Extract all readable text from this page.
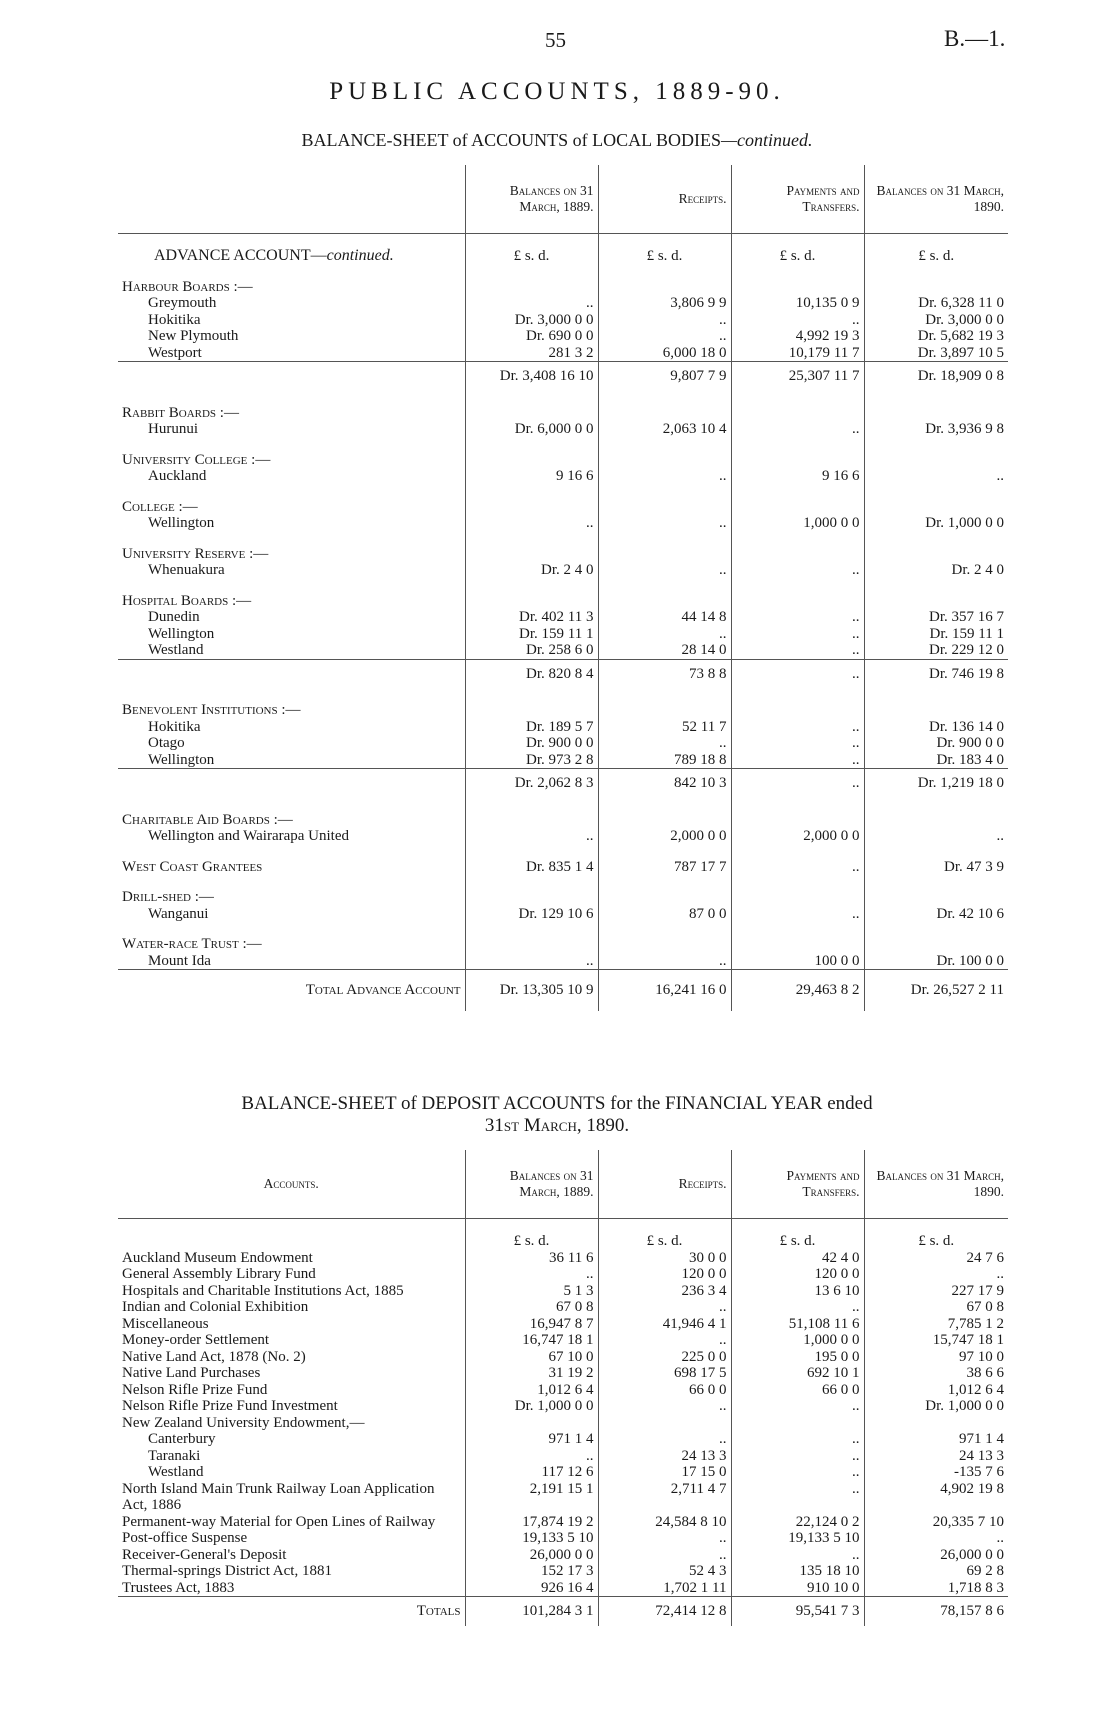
55	B.—1.
PUBLIC ACCOUNTS, 1889-90.
BALANCE-SHEET of ACCOUNTS of LOCAL BODIES—continued.
	Balances on 31 March, 1889.	Receipts.	Payments and Transfers.	Balances on 31 March, 1890.
ADVANCE ACCOUNT—continued.	£ s. d.	£ s. d.	£ s. d.	£ s. d.
Harbour Boards :—				
Greymouth	..	3,806 9 9	10,135 0 9	Dr. 6,328 11 0
Hokitika	Dr. 3,000 0 0	..	..	Dr. 3,000 0 0
New Plymouth	Dr. 690 0 0	..	4,992 19 3	Dr. 5,682 19 3
Westport	281 3 2	6,000 18 0	10,179 11 7	Dr. 3,897 10 5
	Dr. 3,408 16 10	9,807 7 9	25,307 11 7	Dr. 18,909 0 8
Rabbit Boards :—				
Hurunui	Dr. 6,000 0 0	2,063 10 4	..	Dr. 3,936 9 8
University College :—				
Auckland	9 16 6	..	9 16 6	..
College :—				
Wellington	..	..	1,000 0 0	Dr. 1,000 0 0
University Reserve :—				
Whenuakura	Dr. 2 4 0	..	..	Dr. 2 4 0
Hospital Boards :—				
Dunedin	Dr. 402 11 3	44 14 8	..	Dr. 357 16 7
Wellington	Dr. 159 11 1	..	..	Dr. 159 11 1
Westland	Dr. 258 6 0	28 14 0	..	Dr. 229 12 0
	Dr. 820 8 4	73 8 8	..	Dr. 746 19 8
Benevolent Institutions :—				
Hokitika	Dr. 189 5 7	52 11 7	..	Dr. 136 14 0
Otago	Dr. 900 0 0	..	..	Dr. 900 0 0
Wellington	Dr. 973 2 8	789 18 8	..	Dr. 183 4 0
	Dr. 2,062 8 3	842 10 3	..	Dr. 1,219 18 0
Charitable Aid Boards :—				
Wellington and Wairarapa United	..	2,000 0 0	2,000 0 0	..
West Coast Grantees	Dr. 835 1 4	787 17 7	..	Dr. 47 3 9
Drill-shed :—				
Wanganui	Dr. 129 10 6	87 0 0	..	Dr. 42 10 6
Water-race Trust :—				
Mount Ida	..	..	100 0 0	Dr. 100 0 0
Total Advance Account	Dr. 13,305 10 9	16,241 16 0	29,463 8 2	Dr. 26,527 2 11
BALANCE-SHEET of DEPOSIT ACCOUNTS for the FINANCIAL YEAR ended
31st March, 1890.
Accounts.	Balances on 31 March, 1889.	Receipts.	Payments and Transfers.	Balances on 31 March, 1890.
	£ s. d.	£ s. d.	£ s. d.	£ s. d.
Auckland Museum Endowment	36 11 6	30 0 0	42 4 0	24 7 6
General Assembly Library Fund	..	120 0 0	120 0 0	..
Hospitals and Charitable Institutions Act, 1885	5 1 3	236 3 4	13 6 10	227 17 9
Indian and Colonial Exhibition	67 0 8	..	..	67 0 8
Miscellaneous	16,947 8 7	41,946 4 1	51,108 11 6	7,785 1 2
Money-order Settlement	16,747 18 1	..	1,000 0 0	15,747 18 1
Native Land Act, 1878 (No. 2)	67 10 0	225 0 0	195 0 0	97 10 0
Native Land Purchases	31 19 2	698 17 5	692 10 1	38 6 6
Nelson Rifle Prize Fund	1,012 6 4	66 0 0	66 0 0	1,012 6 4
Nelson Rifle Prize Fund Investment	Dr. 1,000 0 0	..	..	Dr. 1,000 0 0
New Zealand University Endowment,—				
Canterbury	971 1 4	..	..	971 1 4
Taranaki	..	24 13 3	..	24 13 3
Westland	117 12 6	17 15 0	..	-135 7 6
North Island Main Trunk Railway Loan Application Act, 1886	2,191 15 1	2,711 4 7	..	4,902 19 8
Permanent-way Material for Open Lines of Railway	17,874 19 2	24,584 8 10	22,124 0 2	20,335 7 10
Post-office Suspense	19,133 5 10	..	19,133 5 10	..
Receiver-General's Deposit	26,000 0 0	..	..	26,000 0 0
Thermal-springs District Act, 1881	152 17 3	52 4 3	135 18 10	69 2 8
Trustees Act, 1883	926 16 4	1,702 1 11	910 10 0	1,718 8 3
Totals	101,284 3 1	72,414 12 8	95,541 7 3	78,157 8 6
